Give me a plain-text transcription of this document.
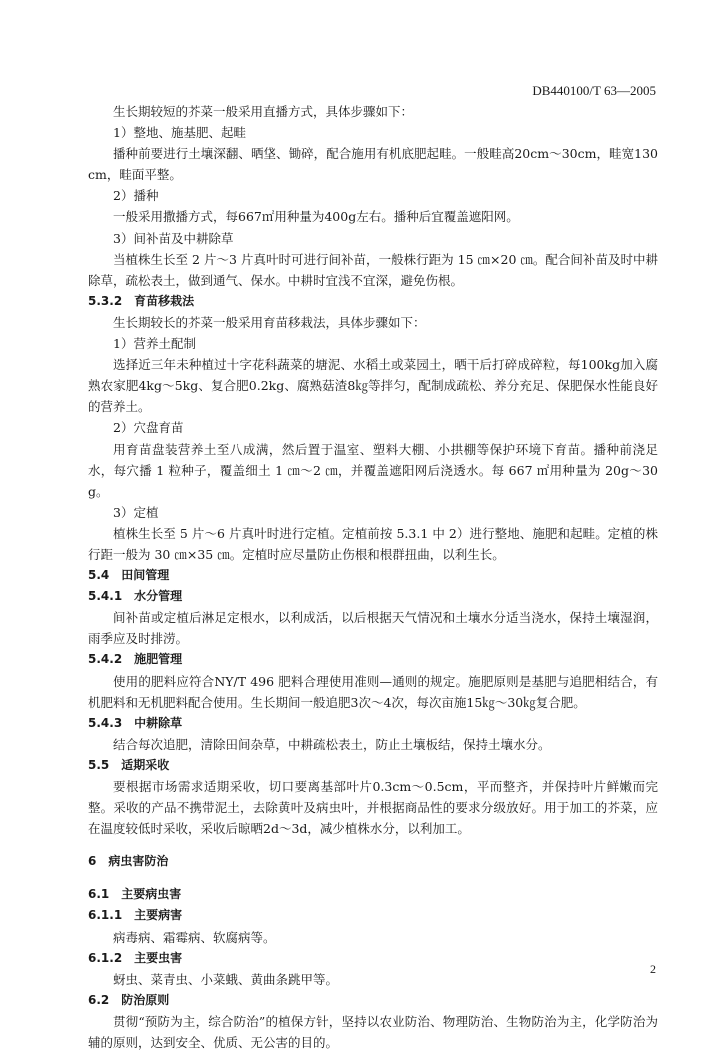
DB440100/T 63—2005
生长期较短的芥菜一般采用直播方式，具体步骤如下：
1）整地、施基肥、起畦
播种前要进行土壤深翻、晒垡、锄碎，配合施用有机底肥起畦。一般畦高20cm～30cm，畦宽130cm，畦面平整。
2）播种
一般采用撒播方式，每667㎡用种量为400g左右。播种后宜覆盖遮阳网。
3）间补苗及中耕除草
当植株生长至 2 片～3 片真叶时可进行间补苗，一般株行距为 15 ㎝×20 ㎝。配合间补苗及时中耕除草，疏松表土，做到通气、保水。中耕时宜浅不宜深，避免伤根。
5.3.2　育苗移栽法
生长期较长的芥菜一般采用育苗移栽法，具体步骤如下：
1）营养土配制
选择近三年未种植过十字花科蔬菜的塘泥、水稻土或菜园土，晒干后打碎成碎粒，每100kg加入腐熟农家肥4kg～5kg、复合肥0.2kg、腐熟菇渣8㎏等拌匀，配制成疏松、养分充足、保肥保水性能良好的营养土。
2）穴盘育苗
用育苗盘装营养土至八成满，然后置于温室、塑料大棚、小拱棚等保护环境下育苗。播种前浇足水，每穴播 1 粒种子，覆盖细土 1 ㎝～2 ㎝，并覆盖遮阳网后浇透水。每 667 ㎡用种量为 20g～30g。
3）定植
植株生长至 5 片～6 片真叶时进行定植。定植前按 5.3.1 中 2）进行整地、施肥和起畦。定植的株行距一般为 30 ㎝×35 ㎝。定植时应尽量防止伤根和根群扭曲，以利生长。
5.4　田间管理
5.4.1　水分管理
间补苗或定植后淋足定根水，以利成活，以后根据天气情况和土壤水分适当浇水，保持土壤湿润，雨季应及时排涝。
5.4.2　施肥管理
使用的肥料应符合NY/T 496 肥料合理使用准则—通则的规定。施肥原则是基肥与追肥相结合，有机肥料和无机肥料配合使用。生长期间一般追肥3次～4次，每次亩施15㎏～30㎏复合肥。
5.4.3　中耕除草
结合每次追肥，清除田间杂草，中耕疏松表土，防止土壤板结，保持土壤水分。
5.5　适期采收
要根据市场需求适期采收，切口要离基部叶片0.3cm～0.5cm，平而整齐，并保持叶片鲜嫩而完整。采收的产品不携带泥土，去除黄叶及病虫叶，并根据商品性的要求分级放好。用于加工的芥菜，应在温度较低时采收，采收后晾晒2d～3d，减少植株水分，以利加工。
6　病虫害防治
6.1　主要病虫害
6.1.1　主要病害
病毒病、霜霉病、软腐病等。
6.1.2　主要虫害
蚜虫、菜青虫、小菜蛾、黄曲条跳甲等。
6.2　防治原则
贯彻“预防为主，综合防治”的植保方针，坚持以农业防治、物理防治、生物防治为主，化学防治为辅的原则，达到安全、优质、无公害的目的。
2
